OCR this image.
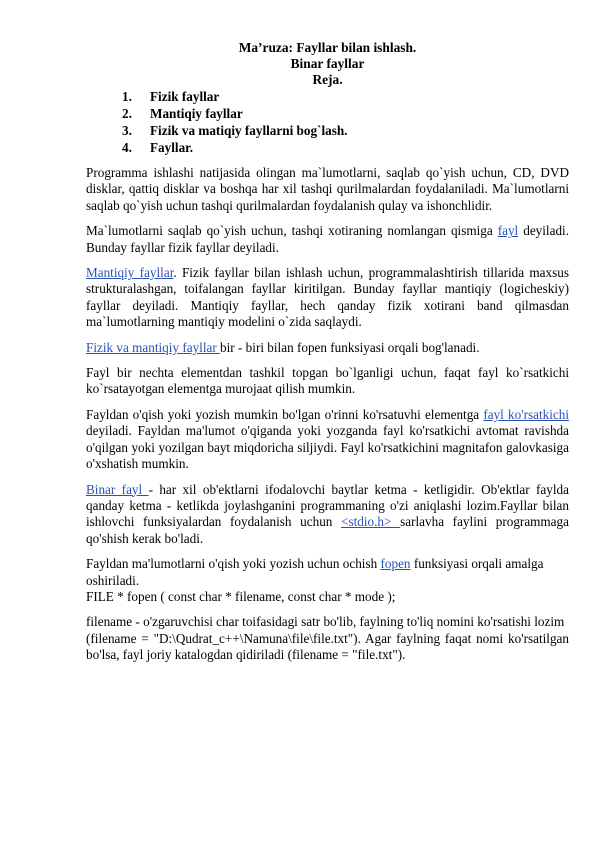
Ma’ruza: Fayllar bilan ishlash.
Binar fayllar
Reja.
1. Fizik fayllar
2. Mantiqiy fayllar
3. Fizik va matiqiy fayllarni bog`lash.
4. Fayllar.

Programma ishlashi natijasida olingan ma`lumotlarni, saqlab qo`yish uchun, CD, DVD disklar, qattiq disklar va boshqa har xil tashqi qurilmalardan foydalaniladi. Ma`lumotlarni saqlab qo`yish uchun tashqi qurilmalardan foydalanish qulay va ishonchlidir.

Ma`lumotlarni saqlab qo`yish uchun, tashqi xotiraning nomlangan qismiga fayl deyiladi. Bunday fayllar fizik fayllar deyiladi.

Mantiqiy fayllar. Fizik fayllar bilan ishlash uchun, programmalashtirish tillarida maxsus strukturalashgan, toifalangan fayllar kiritilgan. Bunday fayllar mantiqiy (logicheskiy) fayllar deyiladi. Mantiqiy fayllar, hech qanday fizik xotirani band qilmasdan ma`lumotlarning mantiqiy modelini o`zida saqlaydi.

Fizik va mantiqiy fayllar bir - biri bilan fopen funksiyasi orqali bog'lanadi.

Fayl bir nechta elementdan tashkil topgan bo`lganligi uchun, faqat fayl ko`rsatkichi ko`rsatayotgan elementga murojaat qilish mumkin.

Fayldan o'qish yoki yozish mumkin bo'lgan o'rinni ko'rsatuvhi elementga fayl ko'rsatkichi deyiladi. Fayldan ma'lumot o'qiganda yoki yozganda fayl ko'rsatkichi avtomat ravishda o'qilgan yoki yozilgan bayt miqdoricha siljiydi. Fayl ko'rsatkichini magnitafon galovkasiga o'xshatish mumkin.

Binar fayl - har xil ob'ektlarni ifodalovchi baytlar ketma - ketligidir. Ob'ektlar faylda qanday ketma - ketlikda joylashganini programmaning o'zi aniqlashi lozim.Fayllar bilan ishlovchi funksiyalardan foydalanish uchun <stdio.h> sarlavha faylini programmaga qo'shish kerak bo'ladi.

Fayldan ma'lumotlarni o'qish yoki yozish uchun ochish fopen funksiyasi orqali amalga oshiriladi.
FILE * fopen ( const char * filename, const char * mode );

filename - o'zgaruvchisi char toifasidagi satr bo'lib, faylning to'liq nomini ko'rsatishi lozim
(filename = "D:\Qudrat_c++\Namuna\file\file.txt"). Agar faylning faqat nomi ko'rsatilgan bo'lsa, fayl joriy katalogdan qidiriladi (filename = "file.txt").
